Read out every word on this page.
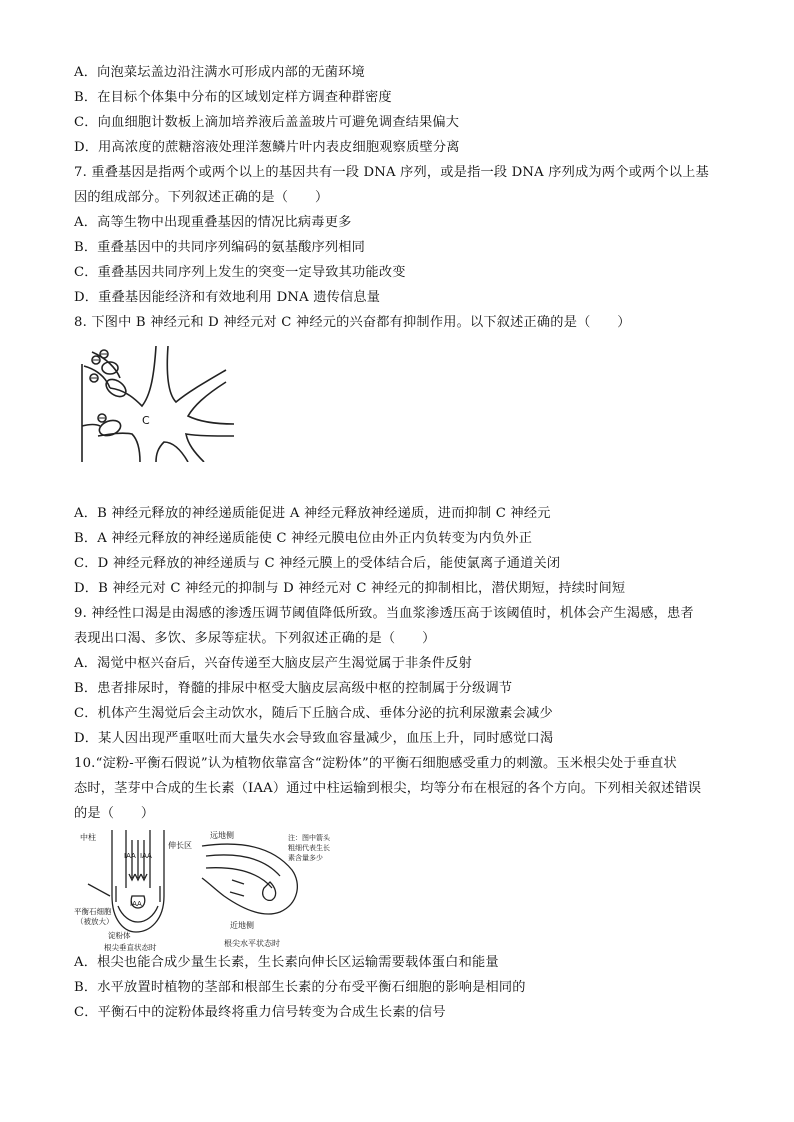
A．向泡菜坛盖边沿注满水可形成内部的无菌环境
B．在目标个体集中分布的区域划定样方调查种群密度
C．向血细胞计数板上滴加培养液后盖盖玻片可避免调查结果偏大
D．用高浓度的蔗糖溶液处理洋葱鳞片叶内表皮细胞观察质壁分离
7. 重叠基因是指两个或两个以上的基因共有一段 DNA 序列，或是指一段 DNA 序列成为两个或两个以上基
因的组成部分。下列叙述正确的是（　　）
A．高等生物中出现重叠基因的情况比病毒更多
B．重叠基因中的共同序列编码的氨基酸序列相同
C．重叠基因共同序列上发生的突变一定导致其功能改变
D．重叠基因能经济和有效地利用 DNA 遗传信息量
8. 下图中 B 神经元和 D 神经元对 C 神经元的兴奋都有抑制作用。以下叙述正确的是（　　）
C
A．B 神经元释放的神经递质能促进 A 神经元释放神经递质，进而抑制 C 神经元
B．A 神经元释放的神经递质能使 C 神经元膜电位由外正内负转变为内负外正
C．D 神经元释放的神经递质与 C 神经元膜上的受体结合后，能使氯离子通道关闭
D．B 神经元对 C 神经元的抑制与 D 神经元对 C 神经元的抑制相比，潜伏期短，持续时间短
9. 神经性口渴是由渴感的渗透压调节阈值降低所致。当血浆渗透压高于该阈值时，机体会产生渴感，患者
表现出口渴、多饮、多尿等症状。下列叙述正确的是（　　）
A．渴觉中枢兴奋后，兴奋传递至大脑皮层产生渴觉属于非条件反射
B．患者排尿时，脊髓的排尿中枢受大脑皮层高级中枢的控制属于分级调节
C．机体产生渴觉后会主动饮水，随后下丘脑合成、垂体分泌的抗利尿激素会减少
D．某人因出现严重呕吐而大量失水会导致血容量减少，血压上升，同时感觉口渴
10.“淀粉-平衡石假说”认为植物依靠富含“淀粉体”的平衡石细胞感受重力的刺激。玉米根尖处于垂直状
态时，茎芽中合成的生长素（IAA）通过中柱运输到根尖，均等分布在根冠的各个方向。下列相关叙述错误
的是（　　）
中柱
伸长区
IAA IAA
IAA
平衡石细胞
（被放大）
淀粉体
根尖垂直状态时
远地侧
近地侧
根尖水平状态时
注：图中箭头
粗细代表生长
素含量多少
A．根尖也能合成少量生长素，生长素向伸长区运输需要载体蛋白和能量
B．水平放置时植物的茎部和根部生长素的分布受平衡石细胞的影响是相同的
C．平衡石中的淀粉体最终将重力信号转变为合成生长素的信号
